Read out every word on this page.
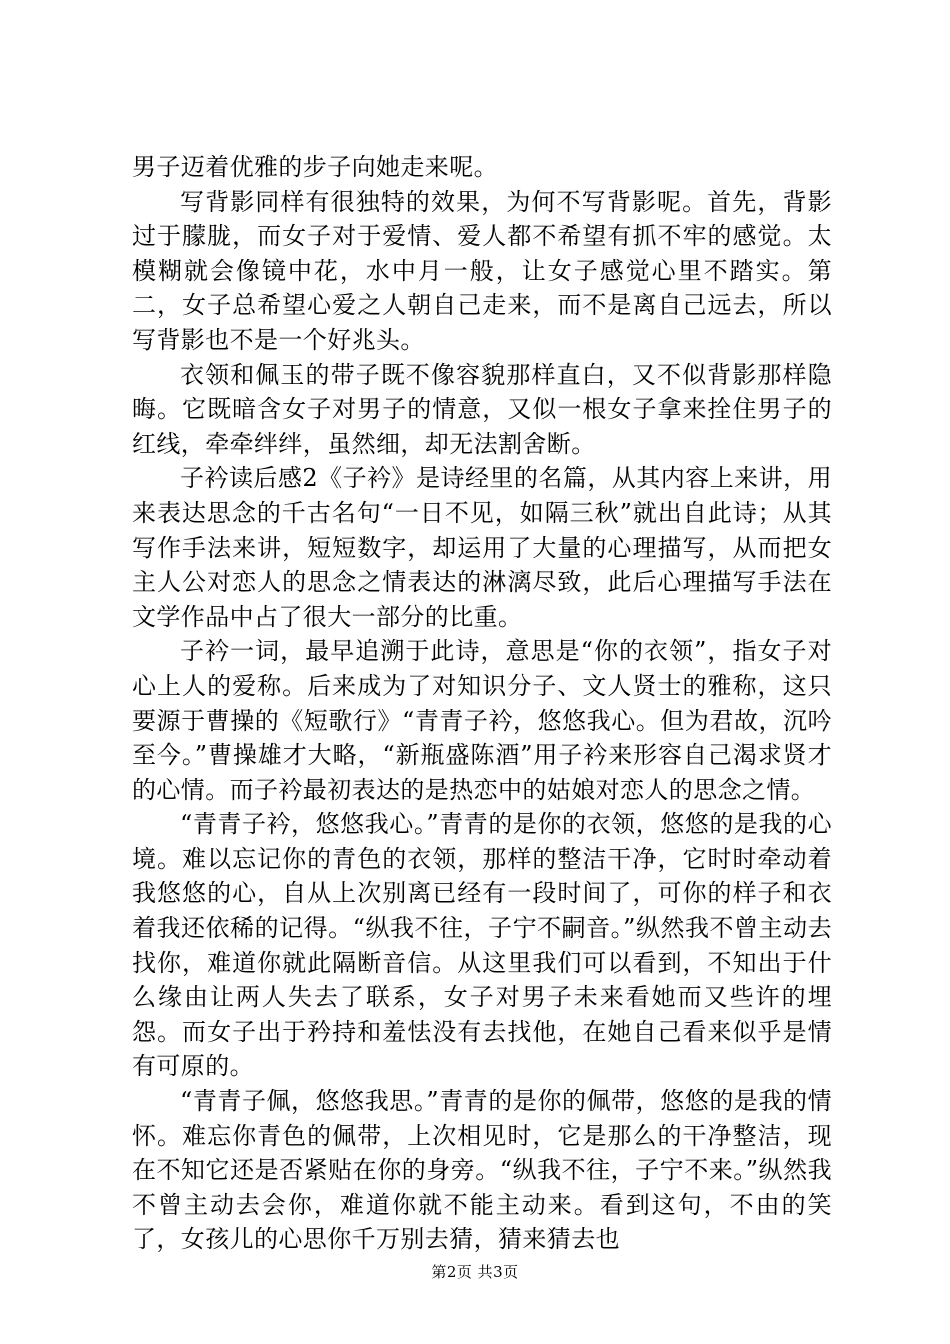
男子迈着优雅的步子向她走来呢。

写背影同样有很独特的效果，为何不写背影呢。首先，背影过于朦胧，而女子对于爱情、爱人都不希望有抓不牢的感觉。太模糊就会像镜中花，水中月一般，让女子感觉心里不踏实。第二，女子总希望心爱之人朝自己走来，而不是离自己远去，所以写背影也不是一个好兆头。

衣领和佩玉的带子既不像容貌那样直白，又不似背影那样隐晦。它既暗含女子对男子的情意，又似一根女子拿来拴住男子的红线，牵牵绊绊，虽然细，却无法割舍断。

子衿读后感2《子衿》是诗经里的名篇，从其内容上来讲，用来表达思念的千古名句“一日不见，如隔三秋”就出自此诗；从其写作手法来讲，短短数字，却运用了大量的心理描写，从而把女主人公对恋人的思念之情表达的淋漓尽致，此后心理描写手法在文学作品中占了很大一部分的比重。

子衿一词，最早追溯于此诗，意思是“你的衣领”，指女子对心上人的爱称。后来成为了对知识分子、文人贤士的雅称，这只要源于曹操的《短歌行》“青青子衿，悠悠我心。但为君故，沉吟至今。”曹操雄才大略，“新瓶盛陈酒”用子衿来形容自己渴求贤才的心情。而子衿最初表达的是热恋中的姑娘对恋人的思念之情。

“青青子衿，悠悠我心。”青青的是你的衣领，悠悠的是我的心境。难以忘记你的青色的衣领，那样的整洁干净，它时时牵动着我悠悠的心，自从上次别离已经有一段时间了，可你的样子和衣着我还依稀的记得。“纵我不往，子宁不嗣音。”纵然我不曾主动去找你，难道你就此隔断音信。从这里我们可以看到，不知出于什么缘由让两人失去了联系，女子对男子未来看她而又些许的埋怨。而女子出于矜持和羞怯没有去找他，在她自己看来似乎是情有可原的。

“青青子佩，悠悠我思。”青青的是你的佩带，悠悠的是我的情怀。难忘你青色的佩带，上次相见时，它是那么的干净整洁，现在不知它还是否紧贴在你的身旁。“纵我不往，子宁不来。”纵然我不曾主动去会你，难道你就不能主动来。看到这句，不由的笑了，女孩儿的心思你千万别去猜，猜来猜去也

第2页 共3页
